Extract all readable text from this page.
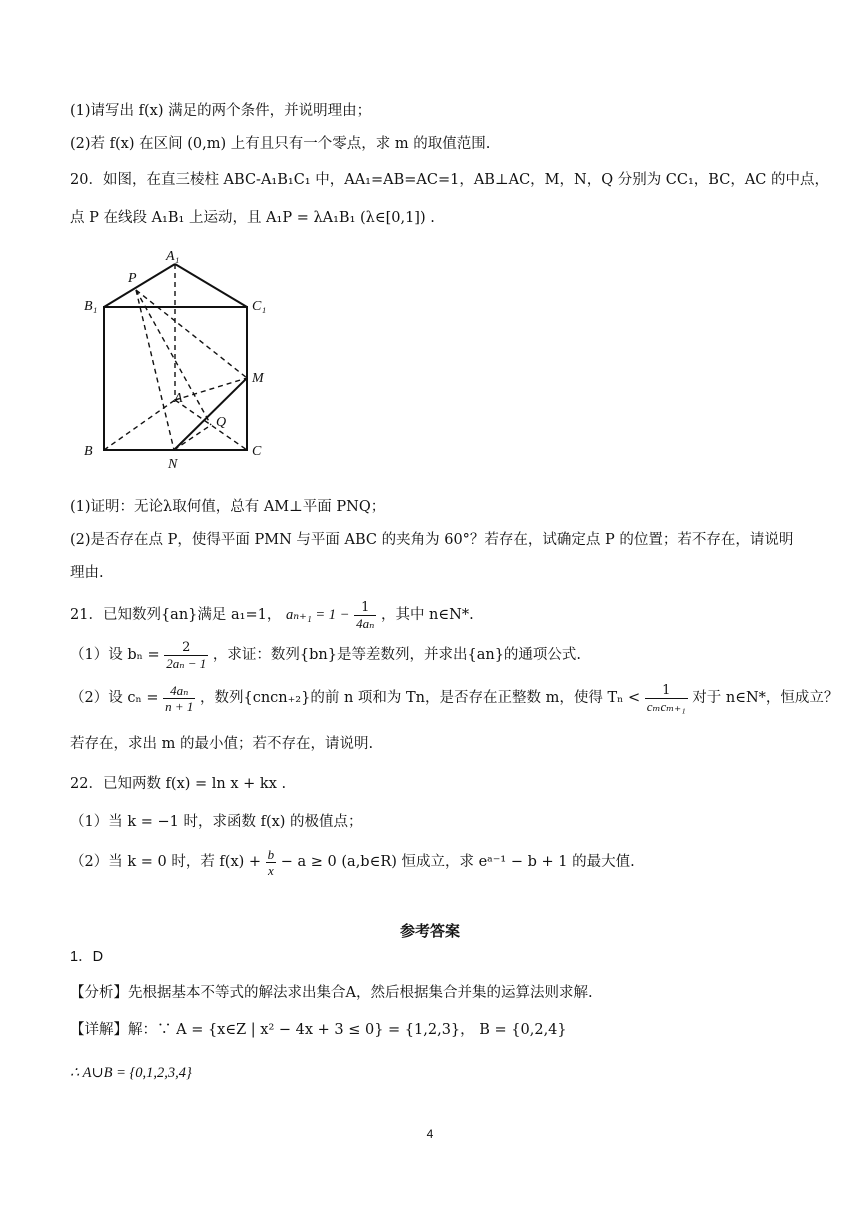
(1)请写出 f(x) 满足的两个条件，并说明理由；
(2)若 f(x) 在区间 (0,m) 上有且只有一个零点，求 m 的取值范围.
20．如图，在直三棱柱 ABC-A₁B₁C₁ 中，AA₁=AB=AC=1，AB⊥AC，M，N，Q 分别为 CC₁，BC，AC 的中点，
点 P 在线段 A₁B₁ 上运动，且 A₁P = λA₁B₁ (λ∈[0,1]) .
A₁
B₁	C₁
P
M
A
Q
B
N
C
(1)证明：无论λ取何值，总有 AM⊥平面 PNQ；
(2)是否存在点 P，使得平面 PMN 与平面 ABC 的夹角为 60°？若存在，试确定点 P 的位置；若不存在，请说明
理由.
21．已知数列{an}满足 a₁=1， $a_{n+1} = 1 - \frac{1}{\text{4aₙ}}$ ，其中 n∈N*.
（1）设 $b_n = \frac{2}{\text{2aₙ − 1}}$ ，求证：数列{bn}是等差数列，并求出{an}的通项公式.
（2）设 $c_n = \frac{\text{4aₙ}}{n + 1}$ ，数列{cncn₊₂}的前 n 项和为 Tn，是否存在正整数 m，使得 $T_n < \frac{1}{\text{cₘcₘ₊₁}}$ 对于 n∈N*，恒成立？
若存在，求出 m 的最小值；若不存在，请说明.
22．已知两数 f(x) = ln x + kx .
（1）当 k = −1 时，求函数 f(x) 的极值点；
（2）当 k = 0 时，若 $f(x) + \frac{b}{x} - a \ge 0$ (a,b∈R) 恒成立，求 eᵃ⁻¹ − b + 1 的最大值.
参考答案
1．D
【分析】先根据基本不等式的解法求出集合A，然后根据集合并集的运算法则求解.
【详解】解：∵ A = {x∈Z | x² − 4x + 3 ≤ 0} = {1,2,3}， B = {0,2,4}
∴ A∪B = {0,1,2,3,4}
4
